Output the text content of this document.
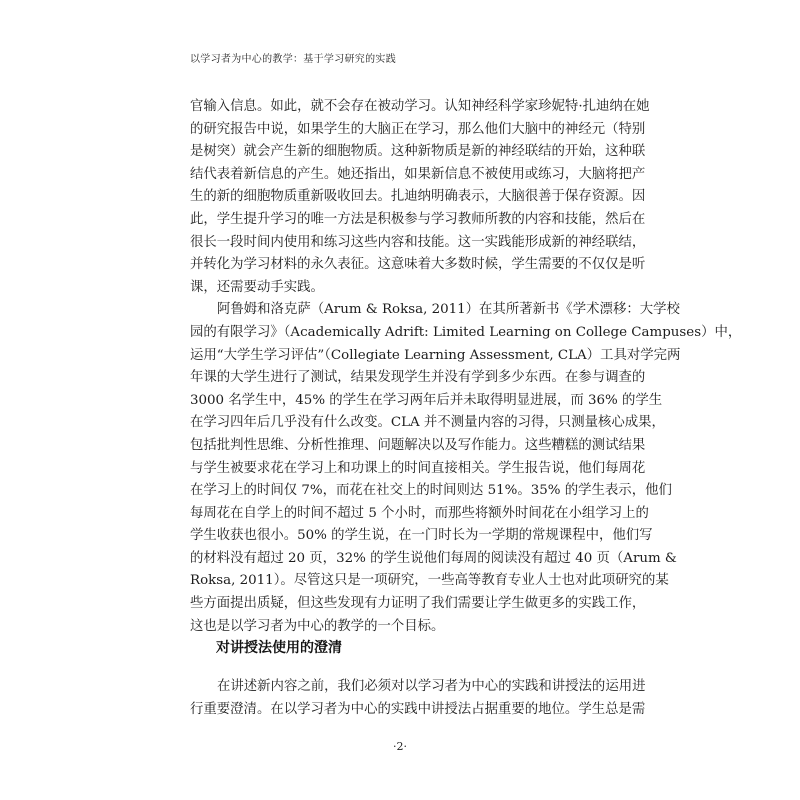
以学习者为中心的教学：基于学习研究的实践
官输入信息。如此，就不会存在被动学习。认知神经科学家珍妮特·扎迪纳在她
的研究报告中说，如果学生的大脑正在学习，那么他们大脑中的神经元（特别
是树突）就会产生新的细胞物质。这种新物质是新的神经联结的开始，这种联
结代表着新信息的产生。她还指出，如果新信息不被使用或练习，大脑将把产
生的新的细胞物质重新吸收回去。扎迪纳明确表示，大脑很善于保存资源。因
此，学生提升学习的唯一方法是积极参与学习教师所教的内容和技能，然后在
很长一段时间内使用和练习这些内容和技能。这一实践能形成新的神经联结，
并转化为学习材料的永久表征。这意味着大多数时候，学生需要的不仅仅是听
课，还需要动手实践。
阿鲁姆和洛克萨（Arum & Roksa, 2011）在其所著新书《学术漂移：大学校
园的有限学习》（Academically Adrift: Limited Learning on College Campuses）中，
运用“大学生学习评估”（Collegiate Learning Assessment, CLA）工具对学完两
年课的大学生进行了测试，结果发现学生并没有学到多少东西。在参与调查的
3000 名学生中，45% 的学生在学习两年后并未取得明显进展，而 36% 的学生
在学习四年后几乎没有什么改变。CLA 并不测量内容的习得，只测量核心成果，
包括批判性思维、分析性推理、问题解决以及写作能力。这些糟糕的测试结果
与学生被要求花在学习上和功课上的时间直接相关。学生报告说，他们每周花
在学习上的时间仅 7%，而花在社交上的时间则达 51%。35% 的学生表示，他们
每周花在自学上的时间不超过 5 个小时，而那些将额外时间花在小组学习上的
学生收获也很小。50% 的学生说，在一门时长为一学期的常规课程中，他们写
的材料没有超过 20 页，32% 的学生说他们每周的阅读没有超过 40 页（Arum &
Roksa, 2011）。尽管这只是一项研究，一些高等教育专业人士也对此项研究的某
些方面提出质疑，但这些发现有力证明了我们需要让学生做更多的实践工作，
这也是以学习者为中心的教学的一个目标。
对讲授法使用的澄清
在讲述新内容之前，我们必须对以学习者为中心的实践和讲授法的运用进
行重要澄清。在以学习者为中心的实践中讲授法占据重要的地位。学生总是需
·2·
